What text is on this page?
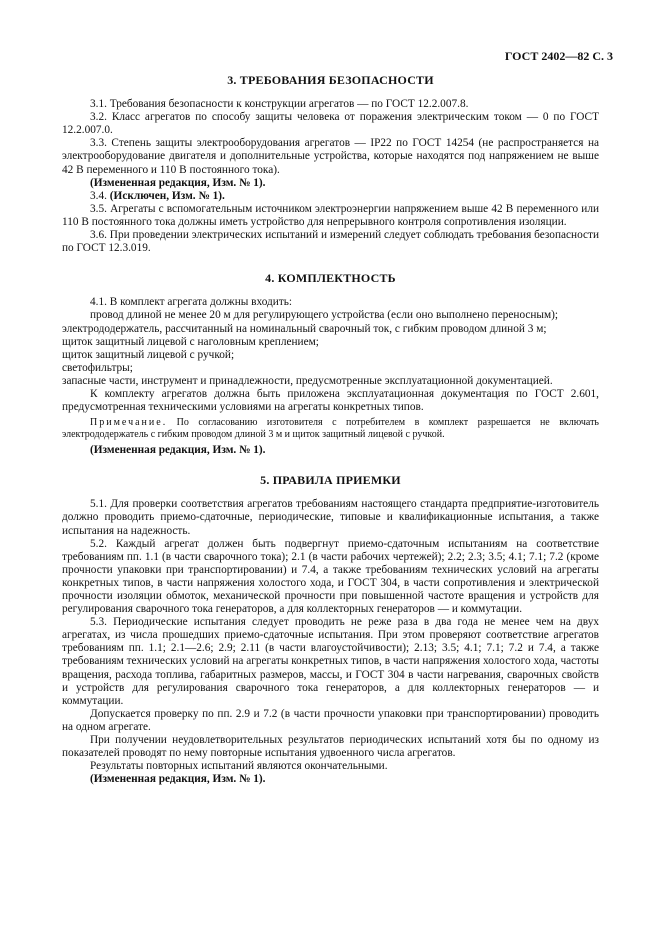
ГОСТ 2402—82 С. 3
3. ТРЕБОВАНИЯ БЕЗОПАСНОСТИ

3.1. Требования безопасности к конструкции агрегатов — по ГОСТ 12.2.007.8.

3.2. Класс агрегатов по способу защиты человека от поражения электрическим током — 0 по ГОСТ 12.2.007.0.

3.3. Степень защиты электрооборудования агрегатов — IP22 по ГОСТ 14254 (не распространяется на электрооборудование двигателя и дополнительные устройства, которые находятся под напряжением не выше 42 В переменного и 110 В постоянного тока).

(Измененная редакция, Изм. № 1).

3.4. (Исключен, Изм. № 1).

3.5. Агрегаты с вспомогательным источником электроэнергии напряжением выше 42 В переменного или 110 В постоянного тока должны иметь устройство для непрерывного контроля сопротивления изоляции.

3.6. При проведении электрических испытаний и измерений следует соблюдать требования безопасности по ГОСТ 12.3.019.

4. КОМПЛЕКТНОСТЬ

4.1. В комплект агрегата должны входить:

провод длиной не менее 20 м для регулирующего устройства (если оно выполнено переносным);

электрододержатель, рассчитанный на номинальный сварочный ток, с гибким проводом длиной 3 м;

щиток защитный лицевой с наголовным креплением;

щиток защитный лицевой с ручкой;

светофильтры;

запасные части, инструмент и принадлежности, предусмотренные эксплуатационной документацией.

К комплекту агрегатов должна быть приложена эксплуатационная документация по ГОСТ 2.601, предусмотренная техническими условиями на агрегаты конкретных типов.

Примечание. По согласованию изготовителя с потребителем в комплект разрешается не включать электрододержатель с гибким проводом длиной 3 м и щиток защитный лицевой с ручкой.

(Измененная редакция, Изм. № 1).

5. ПРАВИЛА ПРИЕМКИ

5.1. Для проверки соответствия агрегатов требованиям настоящего стандарта предприятие-изготовитель должно проводить приемо-сдаточные, периодические, типовые и квалификационные испытания, а также испытания на надежность.

5.2. Каждый агрегат должен быть подвергнут приемо-сдаточным испытаниям на соответствие требованиям пп. 1.1 (в части сварочного тока); 2.1 (в части рабочих чертежей); 2.2; 2.3; 3.5; 4.1; 7.1; 7.2 (кроме прочности упаковки при транспортировании) и 7.4, а также требованиям технических условий на агрегаты конкретных типов, в части напряжения холостого хода, и ГОСТ 304, в части сопротивления и электрической прочности изоляции обмоток, механической прочности при повышенной частоте вращения и устройств для регулирования сварочного тока генераторов, а для коллекторных генераторов — и коммутации.

5.3. Периодические испытания следует проводить не реже раза в два года не менее чем на двух агрегатах, из числа прошедших приемо-сдаточные испытания. При этом проверяют соответствие агрегатов требованиям пп. 1.1; 2.1—2.6; 2.9; 2.11 (в части влагоустойчивости); 2.13; 3.5; 4.1; 7.1; 7.2 и 7.4, а также требованиям технических условий на агрегаты конкретных типов, в части напряжения холостого хода, частоты вращения, расхода топлива, габаритных размеров, массы, и ГОСТ 304 в части нагревания, сварочных свойств и устройств для регулирования сварочного тока генераторов, а для коллекторных генераторов — и коммутации.

Допускается проверку по пп. 2.9 и 7.2 (в части прочности упаковки при транспортировании) проводить на одном агрегате.

При получении неудовлетворительных результатов периодических испытаний хотя бы по одному из показателей проводят по нему повторные испытания удвоенного числа агрегатов.

Результаты повторных испытаний являются окончательными.

(Измененная редакция, Изм. № 1).
